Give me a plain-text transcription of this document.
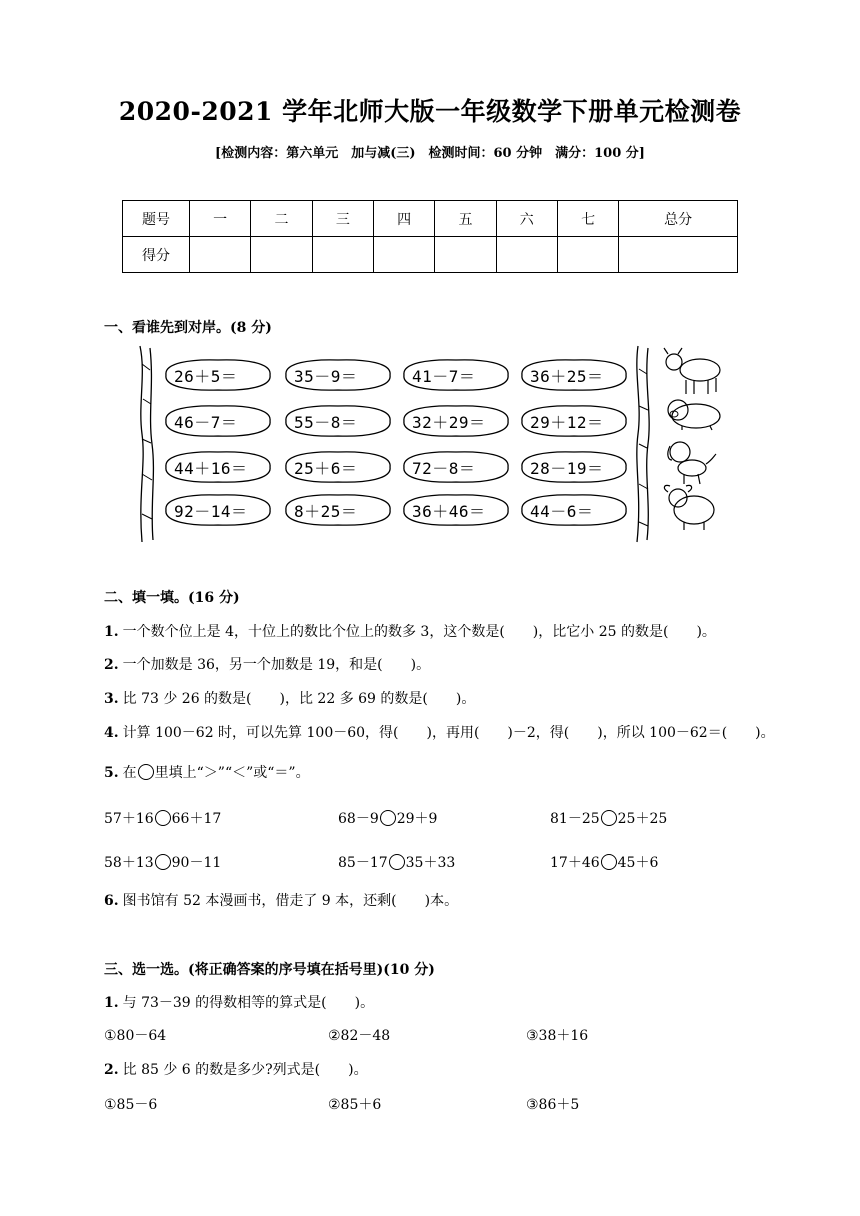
2020-2021 学年北师大版一年级数学下册单元检测卷
[检测内容：第六单元　加与减(三)　检测时间：60 分钟　满分：100 分]
题号	一	二	三	四	五	六	七	总分
得分								
一、看谁先到对岸。(8 分)
26＋5＝	35－9＝	41－7＝	36＋25＝
46－7＝	55－8＝	32＋29＝	29＋12＝
44＋16＝	25＋6＝	72－8＝	28－19＝
92－14＝	8＋25＝	36＋46＝	44－6＝
二、填一填。(16 分)
1. 一个数个位上是 4，十位上的数比个位上的数多 3，这个数是(　　)，比它小 25 的数是(　　)。
2. 一个加数是 36，另一个加数是 19，和是(　　)。
3. 比 73 少 26 的数是(　　)，比 22 多 69 的数是(　　)。
4. 计算 100－62 时，可以先算 100－60，得(　　)，再用(　　)－2，得(　　)，所以 100－62＝(　　)。
5. 在 里填上“＞”“＜”或“＝”。
57＋16 66＋17	68－9 29＋9	81－25 25＋25
58＋13 90－11	85－17 35＋33	17＋46 45＋6
6. 图书馆有 52 本漫画书，借走了 9 本，还剩(　　)本。
三、选一选。(将正确答案的序号填在括号里)(10 分)
1. 与 73－39 的得数相等的算式是(　　)。
①80－64	②82－48	③38＋16
2. 比 85 少 6 的数是多少?列式是(　　)。
①85－6	②85＋6	③86＋5
